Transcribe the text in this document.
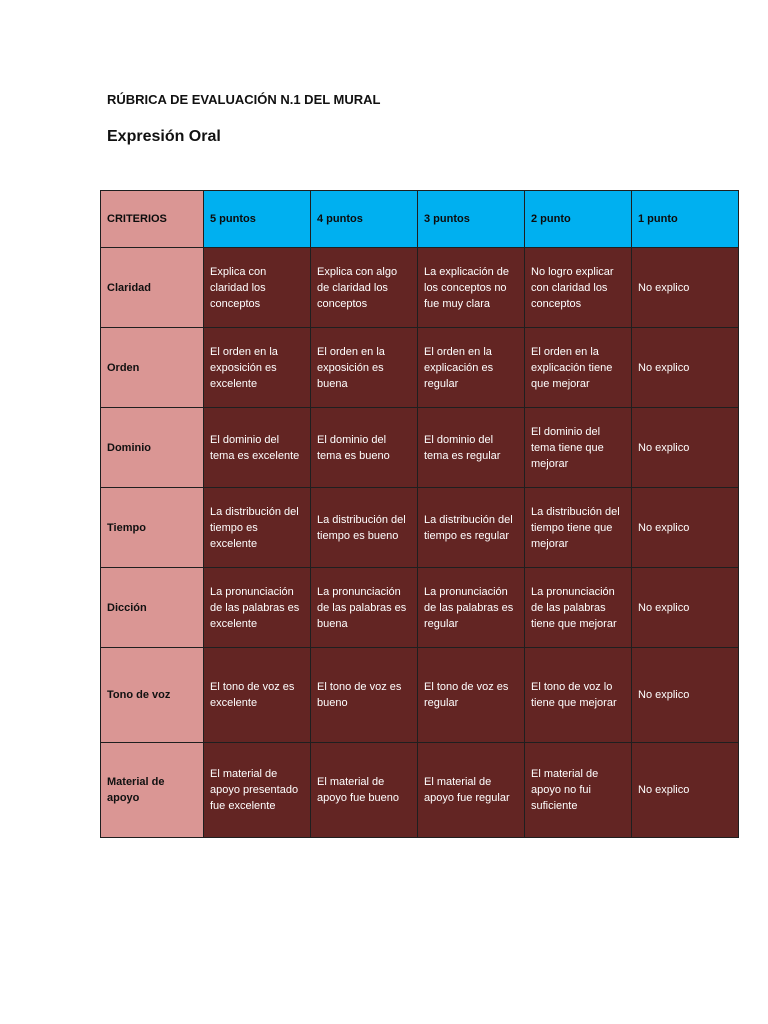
RÚBRICA DE EVALUACIÓN N.1 DEL MURAL
Expresión Oral
CRITERIOS	5 puntos	4 puntos	3 puntos	2 punto	1 punto
Claridad	Explica con claridad los conceptos	Explica con algo de claridad los conceptos	La explicación de los conceptos no fue muy clara	No logro explicar con claridad los conceptos	No explico
Orden	El orden en la exposición es excelente	El orden en la exposición es buena	El orden en la explicación es regular	El orden en la explicación tiene que mejorar	No explico
Dominio	El dominio del tema es excelente	El dominio del tema es bueno	El dominio del tema es regular	El dominio del tema tiene que mejorar	No explico
Tiempo	La distribución del tiempo es excelente	La distribución del tiempo es bueno	La distribución del tiempo es regular	La distribución del tiempo tiene que mejorar	No explico
Dicción	La pronunciación de las palabras es excelente	La pronunciación de las palabras es buena	La pronunciación de las palabras es regular	La pronunciación de las palabras tiene que mejorar	No explico
Tono de voz	El tono de voz es excelente	El tono de voz es bueno	El tono de voz es regular	El tono de voz lo tiene que mejorar	No explico
Material de apoyo	El material de apoyo presentado fue excelente	El material de apoyo fue bueno	El material de apoyo fue regular	El material de apoyo no fui suficiente	No explico
